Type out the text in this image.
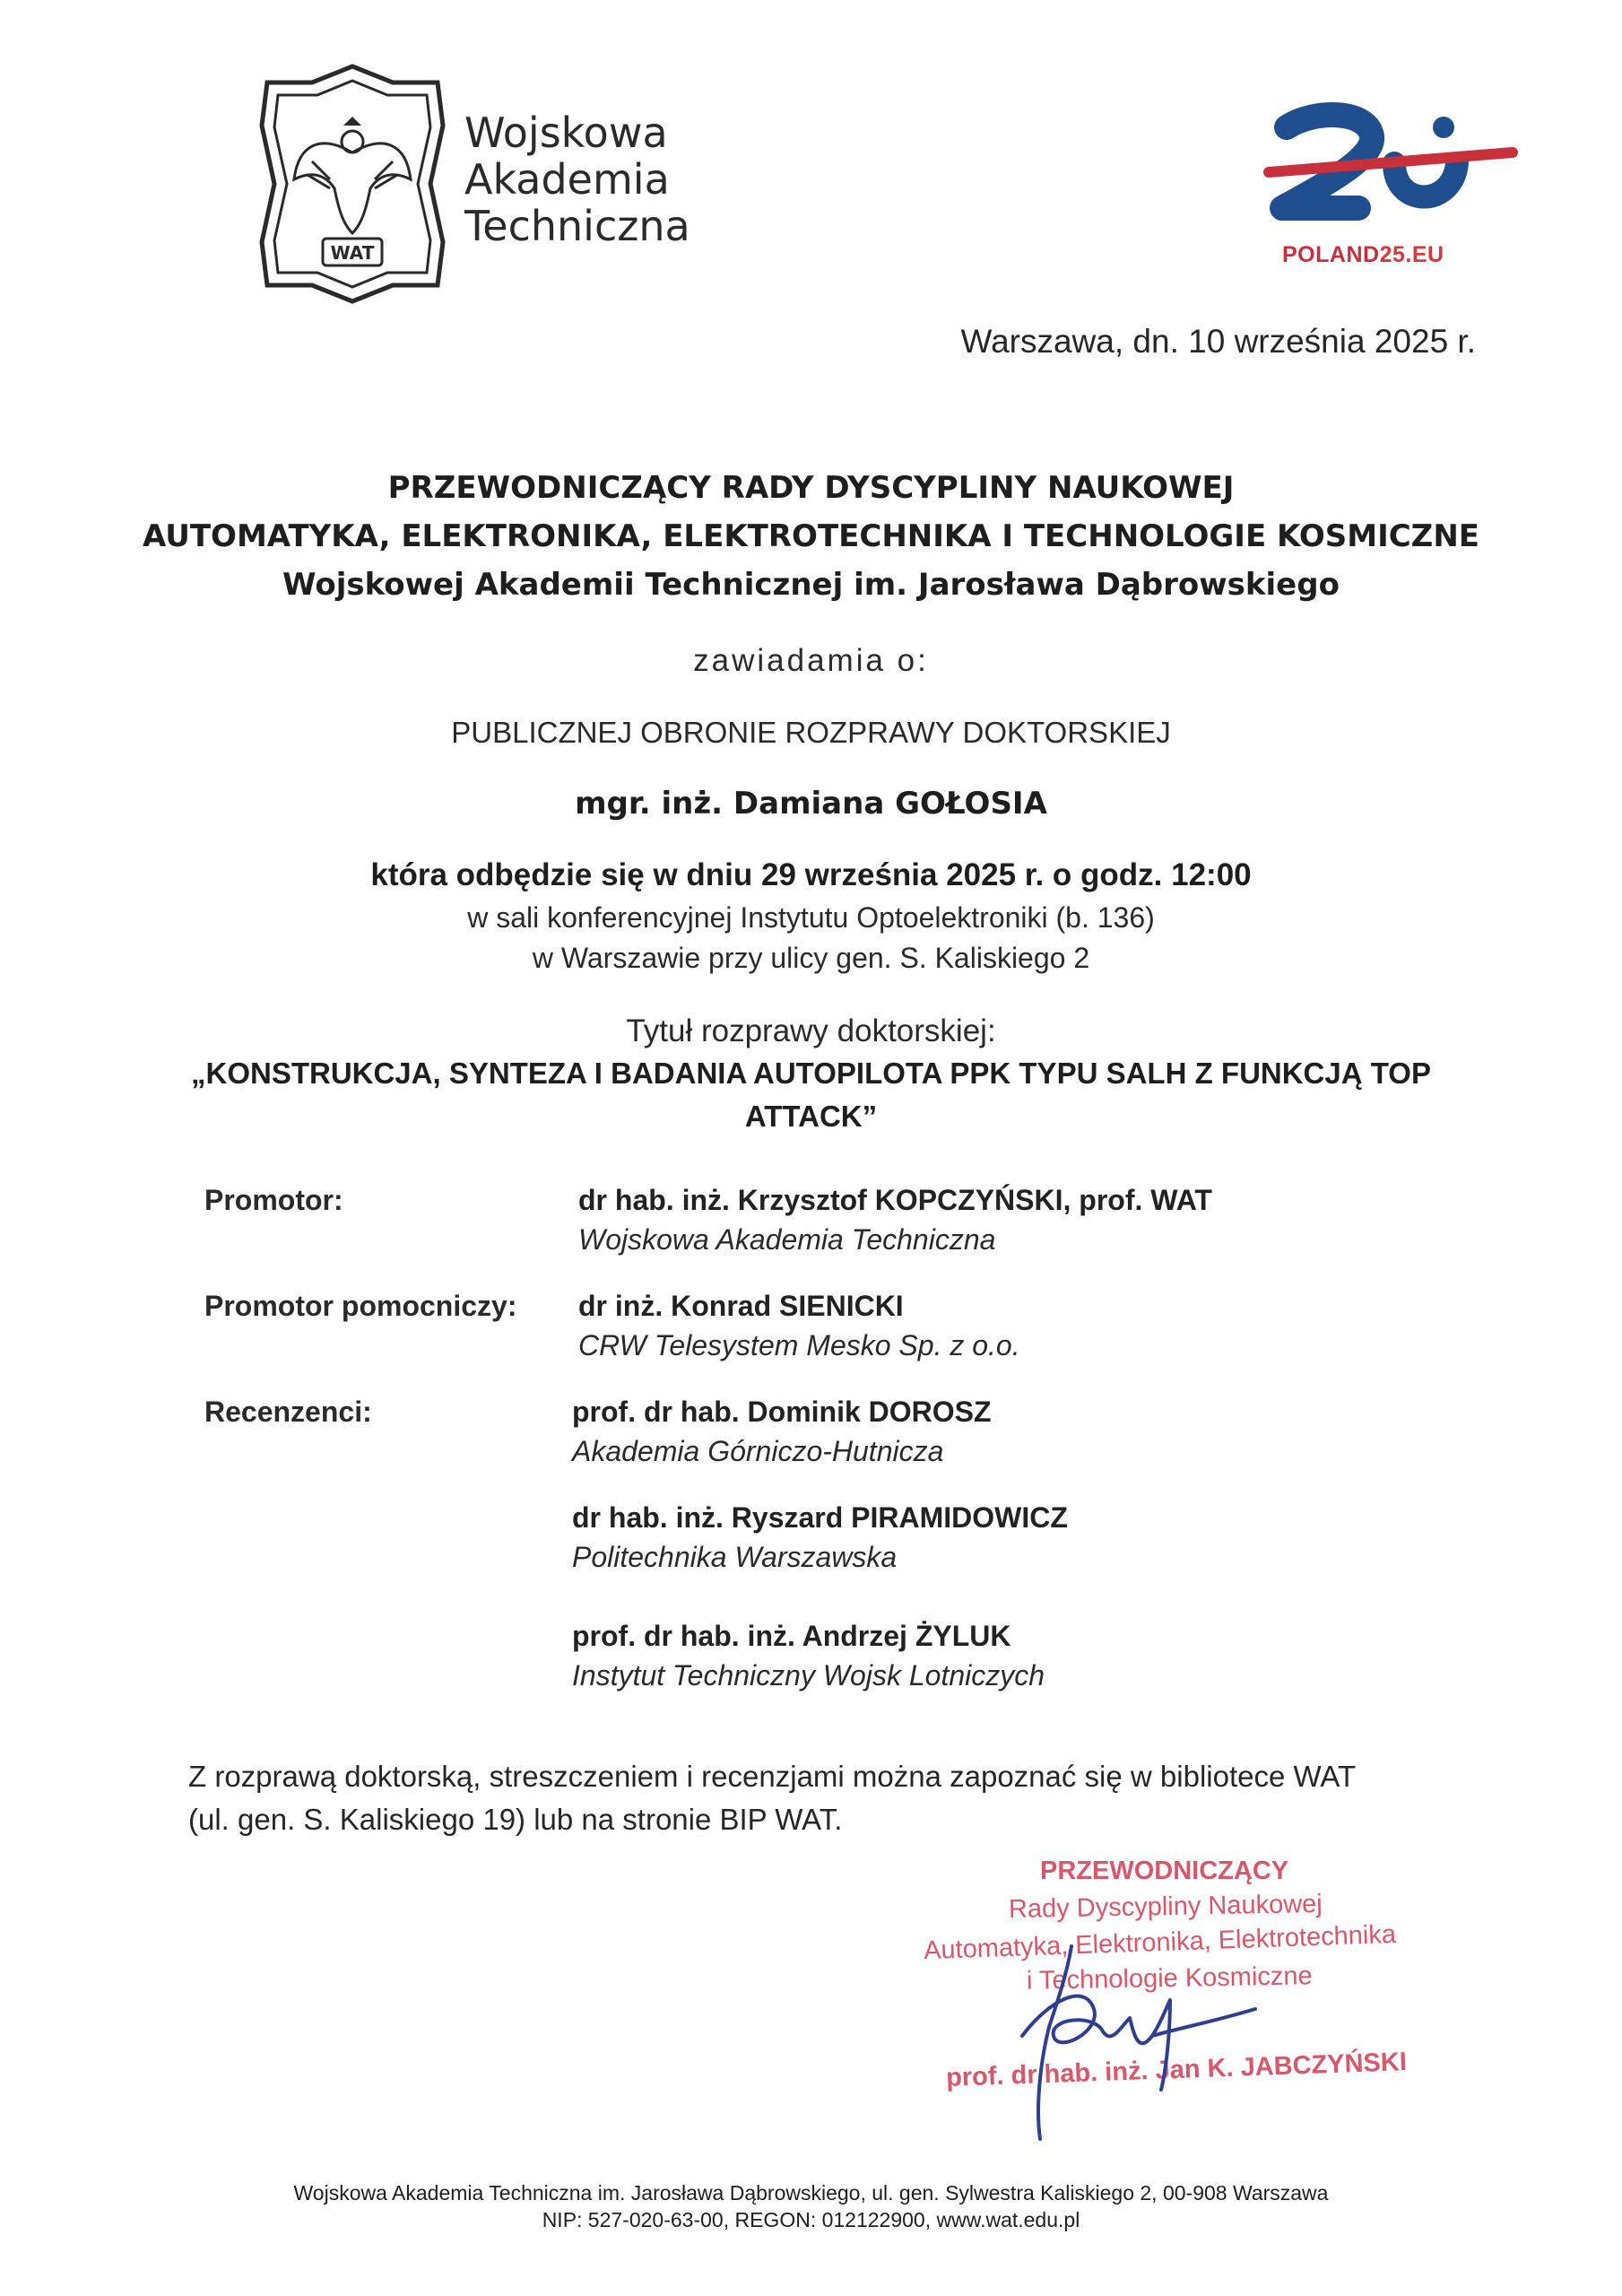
WAT
Wojskowa
Akademia
Techniczna
POLAND25.EU
Warszawa, dn. 10 września 2025 r.
PRZEWODNICZĄCY RADY DYSCYPLINY NAUKOWEJ
AUTOMATYKA, ELEKTRONIKA, ELEKTROTECHNIKA I TECHNOLOGIE KOSMICZNE
Wojskowej Akademii Technicznej im. Jarosława Dąbrowskiego
zawiadamia o:
PUBLICZNEJ OBRONIE ROZPRAWY DOKTORSKIEJ
mgr. inż. Damiana GOŁOSIA
która odbędzie się w dniu 29 września 2025 r. o godz. 12:00
w sali konferencyjnej Instytutu Optoelektroniki (b. 136)
w Warszawie przy ulicy gen. S. Kaliskiego 2
Tytuł rozprawy doktorskiej:
„KONSTRUKCJA, SYNTEZA I BADANIA AUTOPILOTA PPK TYPU SALH Z FUNKCJĄ TOP
ATTACK”
Promotor:	dr hab. inż. Krzysztof KOPCZYŃSKI, prof. WAT
Wojskowa Akademia Techniczna
Promotor pomocniczy: dr inż. Konrad SIENICKI
CRW Telesystem Mesko Sp. z o.o.
Recenzenci:	prof. dr hab. Dominik DOROSZ
Akademia Górniczo-Hutnicza
dr hab. inż. Ryszard PIRAMIDOWICZ
Politechnika Warszawska
prof. dr hab. inż. Andrzej ŻYLUK
Instytut Techniczny Wojsk Lotniczych
Z rozprawą doktorską, streszczeniem i recenzjami można zapoznać się w bibliotece WAT
(ul. gen. S. Kaliskiego 19) lub na stronie BIP WAT.
PRZEWODNICZĄCY
Rady Dyscypliny Naukowej
Automatyka, Elektronika, Elektrotechnika
i Technologie Kosmiczne
prof. dr hab. inż. Jan K. JABCZYŃSKI
Wojskowa Akademia Techniczna im. Jarosława Dąbrowskiego, ul. gen. Sylwestra Kaliskiego 2, 00-908 Warszawa
NIP: 527-020-63-00, REGON: 012122900, www.wat.edu.pl
